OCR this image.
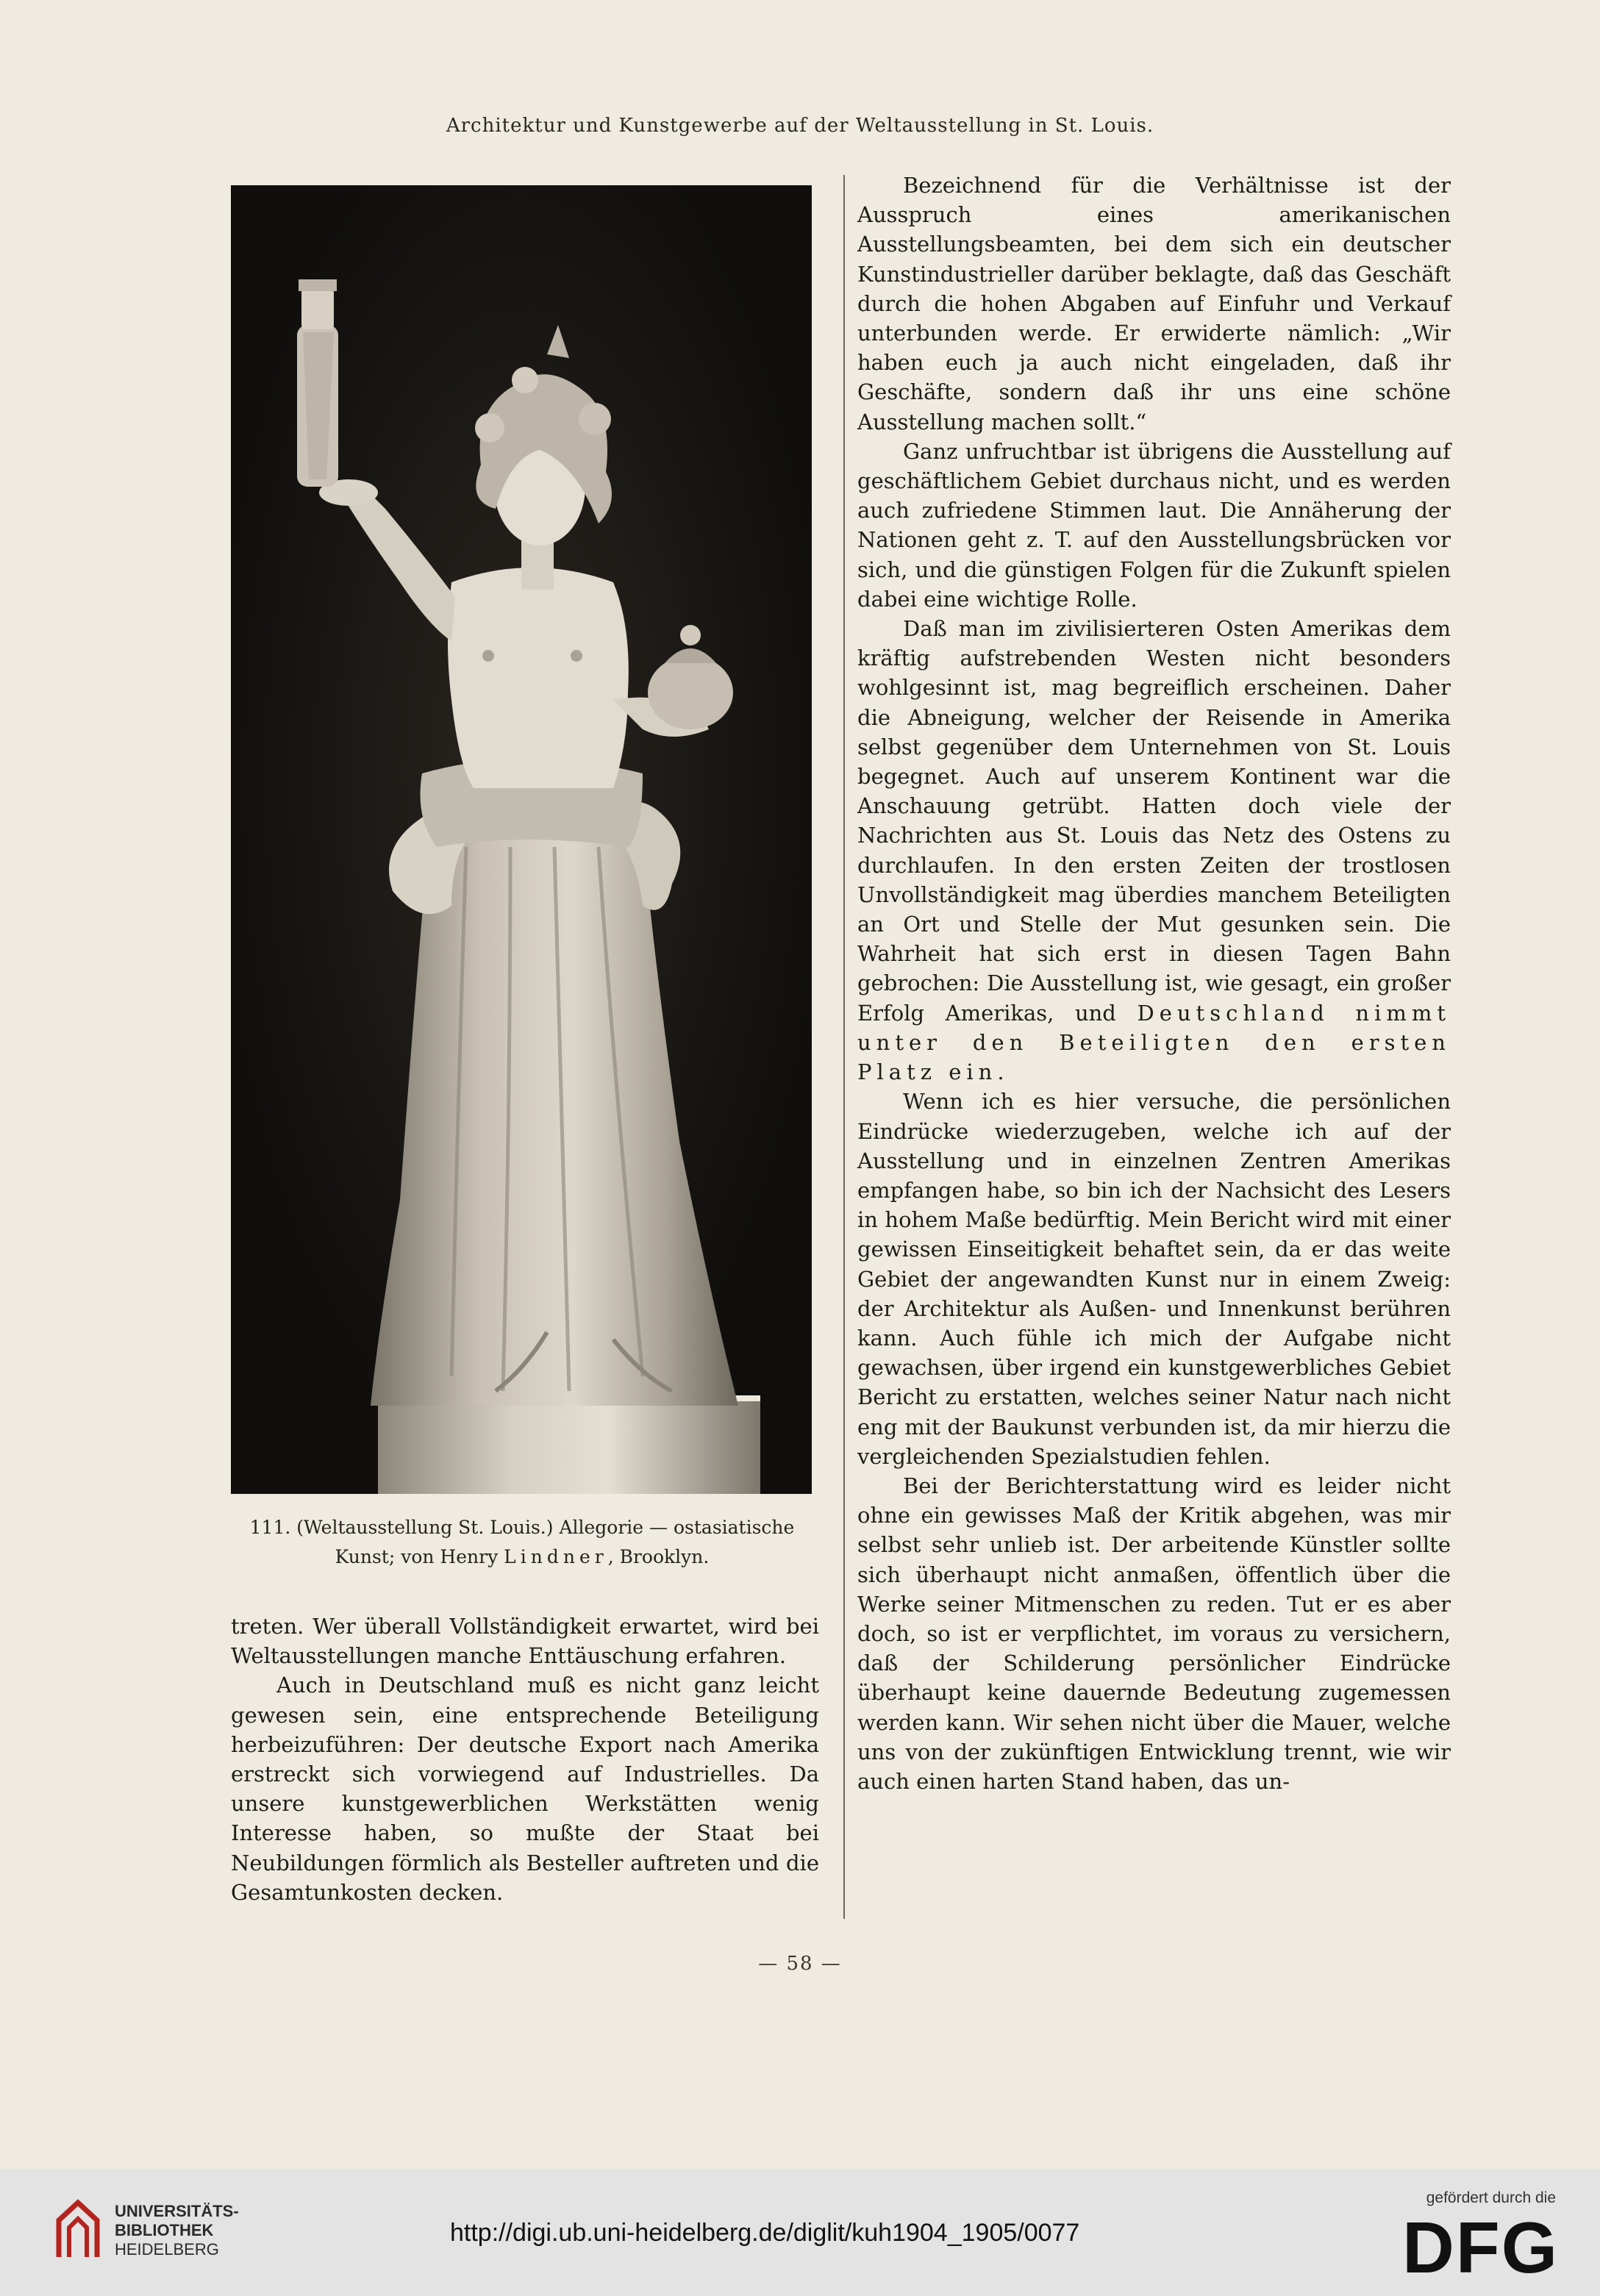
Architektur und Kunstgewerbe auf der Weltausstellung in St. Louis.
111. (Weltausstellung St. Louis.) Allegorie — ostasiatische
Kunst; von Henry Lindner, Brooklyn.

treten. Wer überall Vollständigkeit erwartet, wird bei Weltausstellungen manche Enttäuschung erfahren.

Auch in Deutschland muß es nicht ganz leicht gewesen sein, eine entsprechende Beteiligung herbeizuführen: Der deutsche Export nach Amerika erstreckt sich vorwiegend auf Industrielles. Da unsere kunstgewerblichen Werkstätten wenig Interesse haben, so mußte der Staat bei Neubildungen förmlich als Besteller auftreten und die Gesamtunkosten decken.

Bezeichnend für die Verhältnisse ist der Ausspruch eines amerikanischen Ausstellungsbeamten, bei dem sich ein deutscher Kunstindustrieller darüber beklagte, daß das Geschäft durch die hohen Abgaben auf Einfuhr und Verkauf unterbunden werde. Er erwiderte nämlich: „Wir haben euch ja auch nicht eingeladen, daß ihr Geschäfte, sondern daß ihr uns eine schöne Ausstellung machen sollt.“

Ganz unfruchtbar ist übrigens die Ausstellung auf geschäftlichem Gebiet durchaus nicht, und es werden auch zufriedene Stimmen laut. Die Annäherung der Nationen geht z. T. auf den Ausstellungsbrücken vor sich, und die günstigen Folgen für die Zukunft spielen dabei eine wichtige Rolle.

Daß man im zivilisierteren Osten Amerikas dem kräftig aufstrebenden Westen nicht besonders wohlgesinnt ist, mag begreiflich erscheinen. Daher die Abneigung, welcher der Reisende in Amerika selbst gegenüber dem Unternehmen von St. Louis begegnet. Auch auf unserem Kontinent war die Anschauung getrübt. Hatten doch viele der Nachrichten aus St. Louis das Netz des Ostens zu durchlaufen. In den ersten Zeiten der trostlosen Unvollständigkeit mag überdies manchem Beteiligten an Ort und Stelle der Mut gesunken sein. Die Wahrheit hat sich erst in diesen Tagen Bahn gebrochen: Die Ausstellung ist, wie gesagt, ein großer Erfolg Amerikas, und Deutschland nimmt unter den Beteiligten den ersten Platz ein.

Wenn ich es hier versuche, die persönlichen Eindrücke wiederzugeben, welche ich auf der Ausstellung und in einzelnen Zentren Amerikas empfangen habe, so bin ich der Nachsicht des Lesers in hohem Maße bedürftig. Mein Bericht wird mit einer gewissen Einseitigkeit behaftet sein, da er das weite Gebiet der angewandten Kunst nur in einem Zweig: der Architektur als Außen- und Innenkunst berühren kann. Auch fühle ich mich der Aufgabe nicht gewachsen, über irgend ein kunstgewerbliches Gebiet Bericht zu erstatten, welches seiner Natur nach nicht eng mit der Baukunst verbunden ist, da mir hierzu die vergleichenden Spezialstudien fehlen.

Bei der Berichterstattung wird es leider nicht ohne ein gewisses Maß der Kritik abgehen, was mir selbst sehr unlieb ist. Der arbeitende Künstler sollte sich überhaupt nicht anmaßen, öffentlich über die Werke seiner Mitmenschen zu reden. Tut er es aber doch, so ist er verpflichtet, im voraus zu versichern, daß der Schilderung persönlicher Eindrücke überhaupt keine dauernde Bedeutung zugemessen werden kann. Wir sehen nicht über die Mauer, welche uns von der zukünftigen Entwicklung trennt, wie wir auch einen harten Stand haben, das un-

— 58 —
UNIVERSITÄTS-
BIBLIOTHEK
HEIDELBERG
http://digi.ub.uni-heidelberg.de/diglit/kuh1904_1905/0077
gefördert durch die
DFG
